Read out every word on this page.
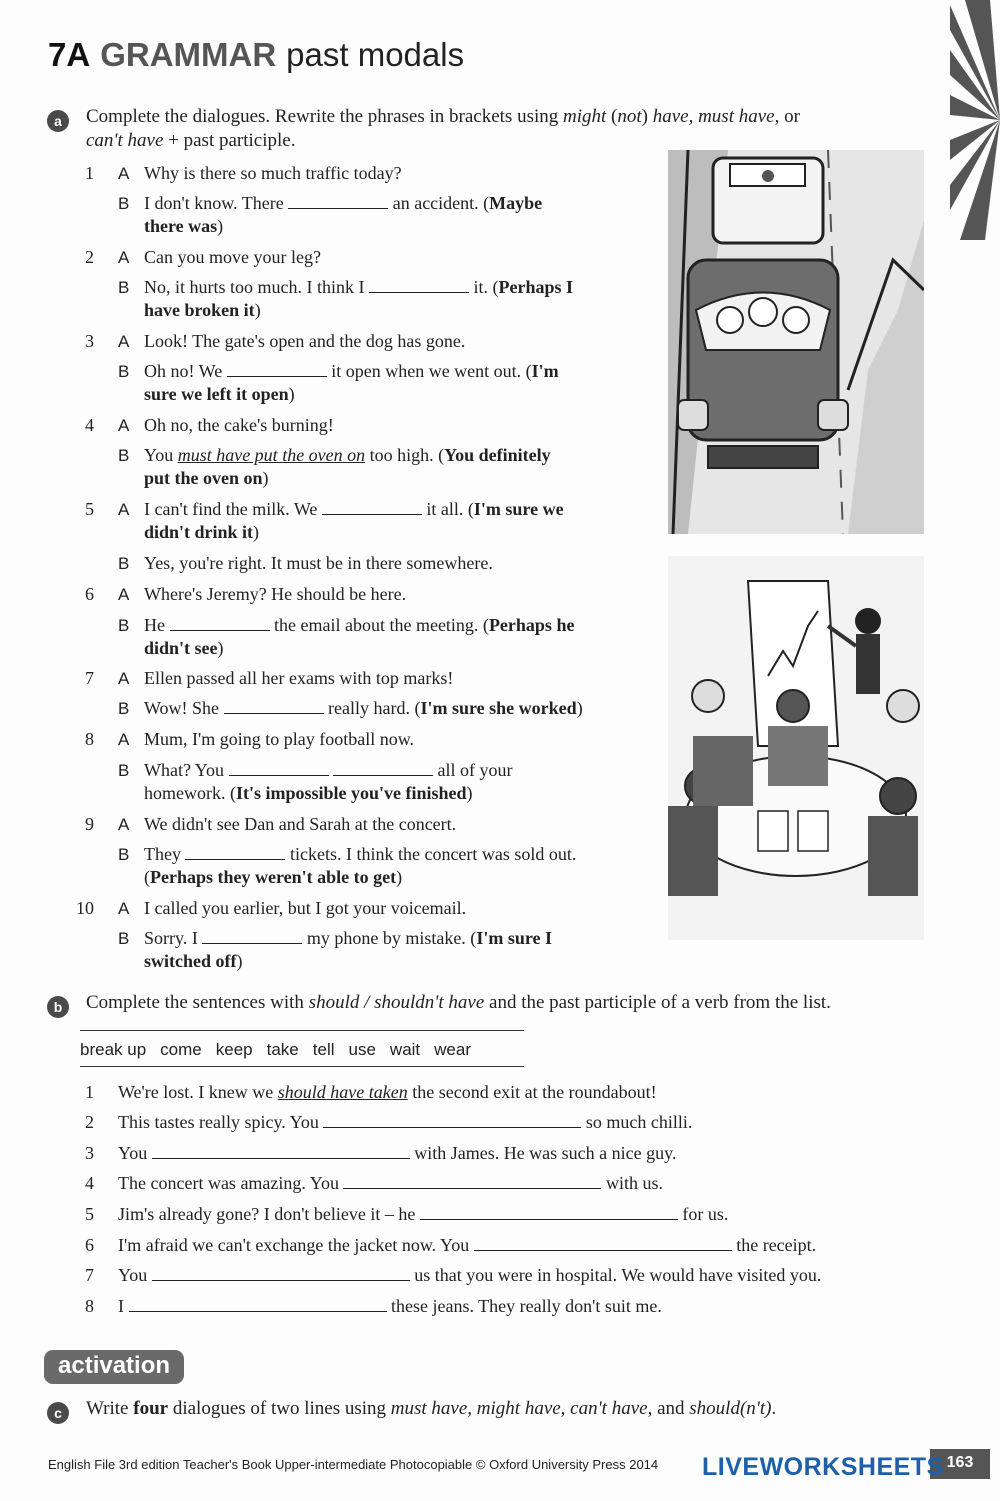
7A GRAMMAR past modals
a	Complete the dialogues. Rewrite the phrases in brackets using might (not) have, must have, or
can't have + past participle.
1 A Why is there so much traffic today?
B I don't know. There	an accident. (Maybe
there was)
2 A Can you move your leg?
B No, it hurts too much. I think I	it. (Perhaps I
have broken it)
3 A Look! The gate's open and the dog has gone.
B Oh no! We	it open when we went out. (I'm
sure we left it open)
4 A Oh no, the cake's burning!
B You must have put the oven on too high. (You definitely
put the oven on)
5 A I can't find the milk. We	it all. (I'm sure we
didn't drink it)
B Yes, you're right. It must be in there somewhere.
6 A Where's Jeremy? He should be here.
B He	the email about the meeting. (Perhaps he
didn't see)
7 A Ellen passed all her exams with top marks!
B Wow! She	really hard. (I'm sure she worked)
8 A Mum, I'm going to play football now.
B What? You	all of your
homework. (It's impossible you've finished)
9 A We didn't see Dan and Sarah at the concert.
B They	tickets. I think the concert was sold out.
(Perhaps they weren't able to get)
10 A I called you earlier, but I got your voicemail.
B Sorry. I	my phone by mistake. (I'm sure I
switched off)
b	Complete the sentences with should / shouldn't have and the past participle of a verb from the list.
break up come keep take tell use wait wear
1 We're lost. I knew we should have taken the second exit at the roundabout!
2 This tastes really spicy. You	so much chilli.
3 You	with James. He was such a nice guy.
4 The concert was amazing. You	with us.
5 Jim's already gone? I don't believe it – he	for us.
6 I'm afraid we can't exchange the jacket now. You	the receipt.
7 You	us that you were in hospital. We would have visited you.
8 I	these jeans. They really don't suit me.
activation
c	Write four dialogues of two lines using must have, might have, can't have, and should(n't).
English File 3rd edition Teacher's Book Upper-intermediate Photocopiable © Oxford University Press 2014	163
LIVEWORKSHEETS
